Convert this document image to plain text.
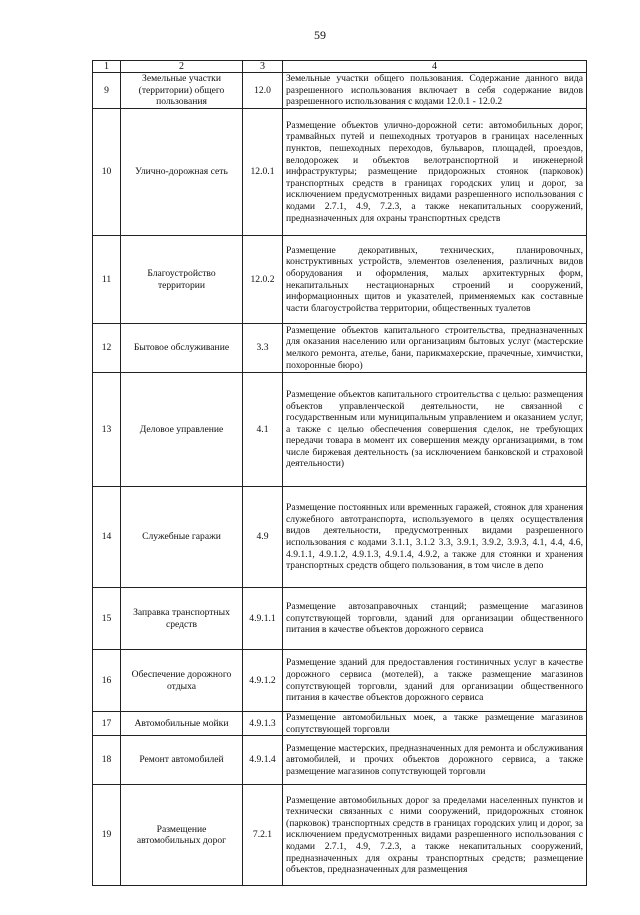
59
1	2	3	4
9	Земельные участки (территории) общего пользования	12.0	Земельные участки общего пользования. Содержание данного вида разрешенного использования включает в себя содержание видов разрешенного использования с кодами 12.0.1 - 12.0.2
10	Улично-дорожная сеть	12.0.1	Размещение объектов улично-дорожной сети: автомобильных дорог, трамвайных путей и пешеходных тротуаров в границах населенных пунктов, пешеходных переходов, бульваров, площадей, проездов, велодорожек и объектов велотранспортной и инженерной инфраструктуры; размещение придорожных стоянок (парковок) транспортных средств в границах городских улиц и дорог, за исключением предусмотренных видами разрешенного использования с кодами 2.7.1, 4.9, 7.2.3, а также некапитальных сооружений, предназначенных для охраны транспортных средств
11	Благоустройство территории	12.0.2	Размещение декоративных, технических, планировочных, конструктивных устройств, элементов озеленения, различных видов оборудования и оформления, малых архитектурных форм, некапитальных нестационарных строений и сооружений, информационных щитов и указателей, применяемых как составные части благоустройства территории, общественных туалетов
12	Бытовое обслуживание	3.3	Размещение объектов капитального строительства, предназначенных для оказания населению или организациям бытовых услуг (мастерские мелкого ремонта, ателье, бани, парикмахерские, прачечные, химчистки, похоронные бюро)
13	Деловое управление	4.1	Размещение объектов капитального строительства с целью: размещения объектов управленческой деятельности, не связанной с государственным или муниципальным управлением и оказанием услуг, а также с целью обеспечения совершения сделок, не требующих передачи товара в момент их совершения между организациями, в том числе биржевая деятельность (за исключением банковской и страховой деятельности)
14	Служебные гаражи	4.9	Размещение постоянных или временных гаражей, стоянок для хранения служебного автотранспорта, используемого в целях осуществления видов деятельности, предусмотренных видами разрешенного использования с кодами 3.1.1, 3.1.2 3.3, 3.9.1, 3.9.2, 3.9.3, 4.1, 4.4, 4.6, 4.9.1.1, 4.9.1.2, 4.9.1.3, 4.9.1.4, 4.9.2, а также для стоянки и хранения транспортных средств общего пользования, в том числе в депо
15	Заправка транспортных средств	4.9.1.1	Размещение автозаправочных станций; размещение магазинов сопутствующей торговли, зданий для организации общественного питания в качестве объектов дорожного сервиса
16	Обеспечение дорожного отдыха	4.9.1.2	Размещение зданий для предоставления гостиничных услуг в качестве дорожного сервиса (мотелей), а также размещение магазинов сопутствующей торговли, зданий для организации общественного питания в качестве объектов дорожного сервиса
17	Автомобильные мойки	4.9.1.3	Размещение автомобильных моек, а также размещение магазинов сопутствующей торговли
18	Ремонт автомобилей	4.9.1.4	Размещение мастерских, предназначенных для ремонта и обслуживания автомобилей, и прочих объектов дорожного сервиса, а также размещение магазинов сопутствующей торговли
19	Размещение автомобильных дорог	7.2.1	Размещение автомобильных дорог за пределами населенных пунктов и технически связанных с ними сооружений, придорожных стоянок (парковок) транспортных средств в границах городских улиц и дорог, за исключением предусмотренных видами разрешенного использования с кодами 2.7.1, 4.9, 7.2.3, а также некапитальных сооружений, предназначенных для охраны транспортных средств; размещение объектов, предназначенных для размещения
